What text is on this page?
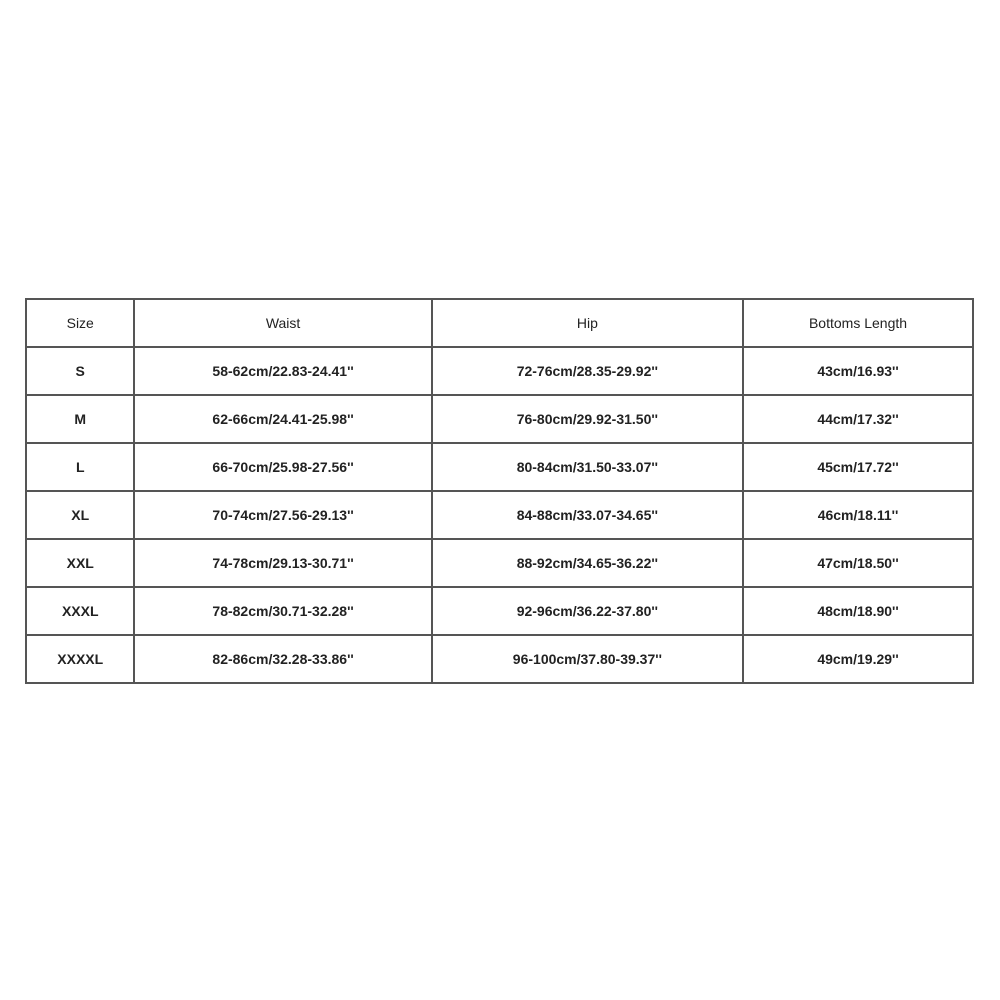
Size	Waist	Hip	Bottoms Length
S	58-62cm/22.83-24.41''	72-76cm/28.35-29.92''	43cm/16.93''
M	62-66cm/24.41-25.98''	76-80cm/29.92-31.50''	44cm/17.32''
L	66-70cm/25.98-27.56''	80-84cm/31.50-33.07''	45cm/17.72''
XL	70-74cm/27.56-29.13''	84-88cm/33.07-34.65''	46cm/18.11''
XXL	74-78cm/29.13-30.71''	88-92cm/34.65-36.22''	47cm/18.50''
XXXL	78-82cm/30.71-32.28''	92-96cm/36.22-37.80''	48cm/18.90''
XXXXL	82-86cm/32.28-33.86''	96-100cm/37.80-39.37''	49cm/19.29''
